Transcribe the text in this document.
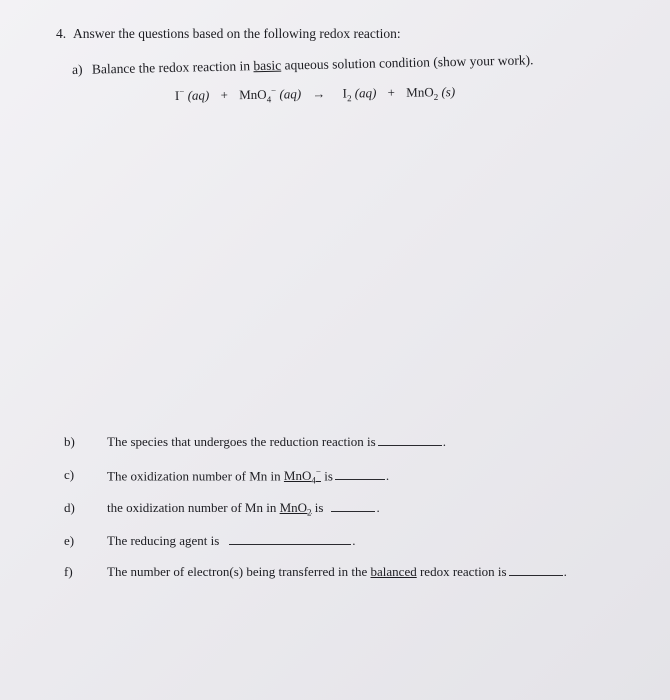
4. Answer the questions based on the following redox reaction:
a) Balance the redox reaction in basic aqueous solution condition (show your work).
I− (aq) + MnO$_4$− $(aq) \to I_2$ (aq) + MnO$_2$ (s)
b) The species that undergoes the reduction reaction is	.
c)	The oxidization number of Mn in MnO$_4$− is	.
d) the oxidization number of Mn in MnO$_2$ is	.
e)	The reducing agent is	.
f)	The number of electron(s) being transferred in the balanced redox reaction is	.
